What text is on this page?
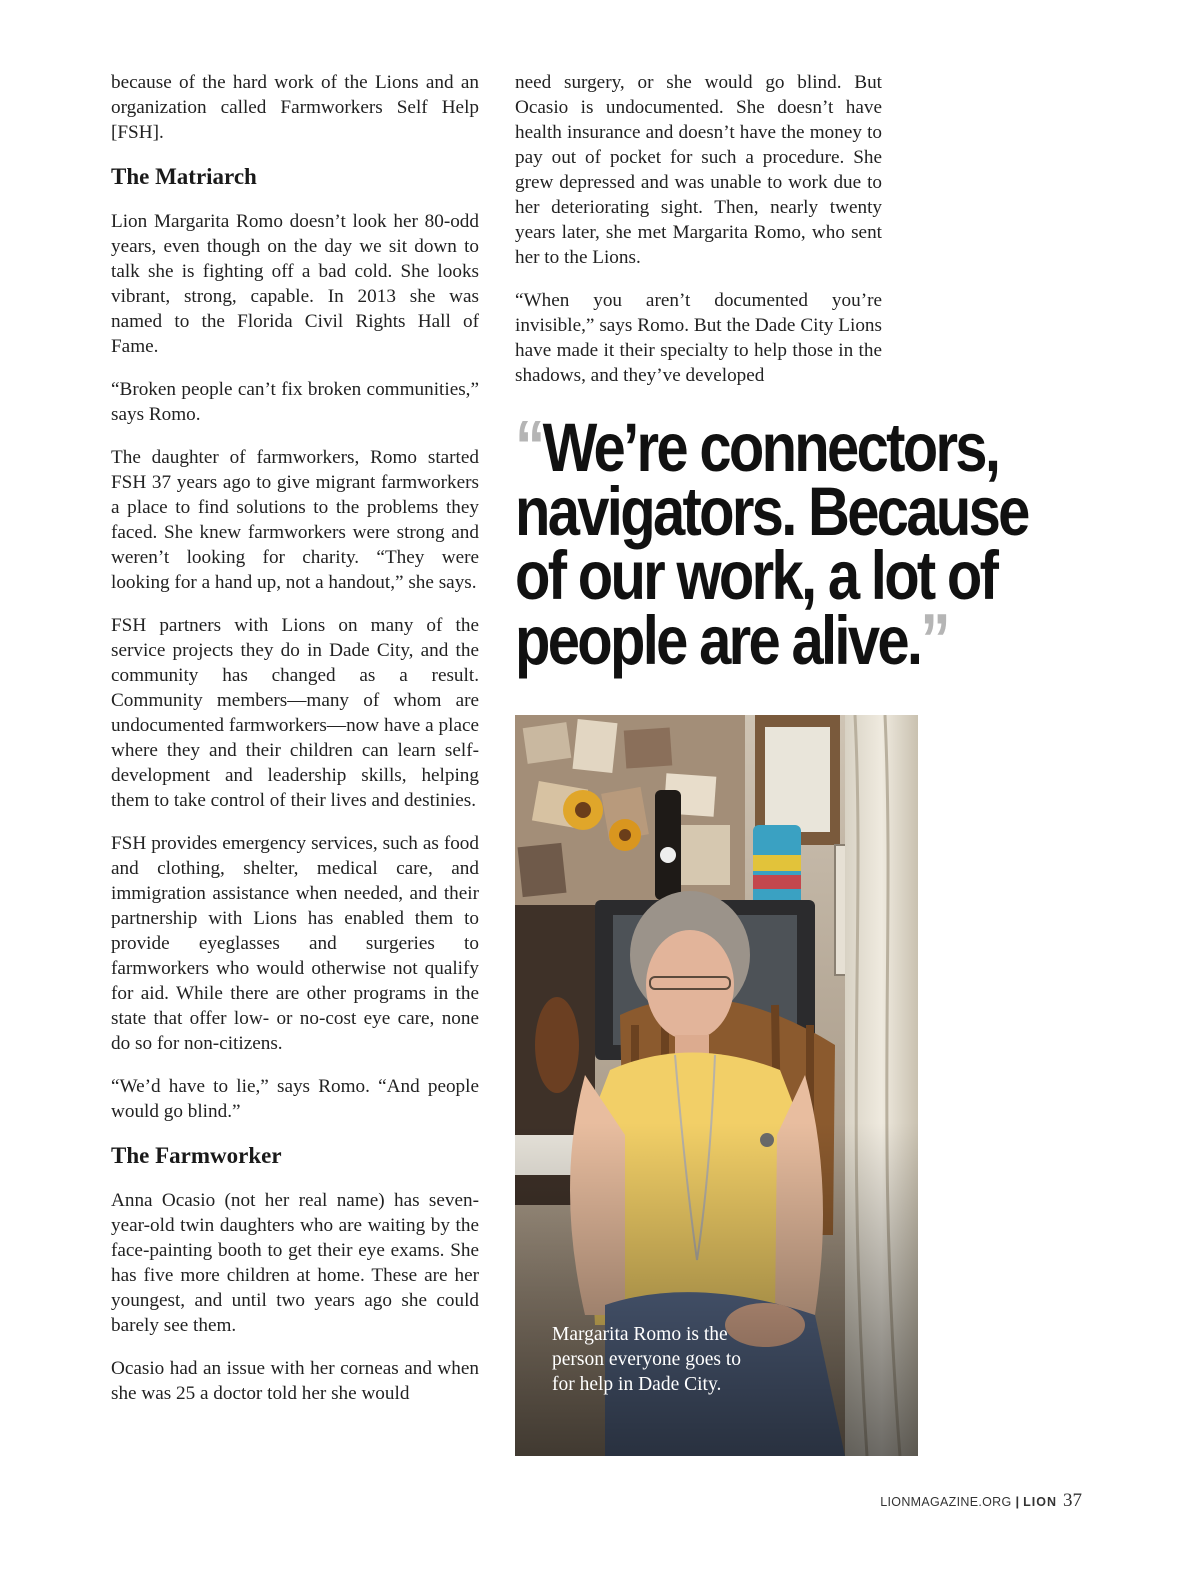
because of the hard work of the Lions and an organization called Farmworkers Self Help [FSH].

The Matriarch

Lion Margarita Romo doesn’t look her 80-odd years, even though on the day we sit down to talk she is fighting off a bad cold. She looks vibrant, strong, capable. In 2013 she was named to the Florida Civil Rights Hall of Fame.

“Broken people can’t fix broken communities,” says Romo.

The daughter of farmworkers, Romo started FSH 37 years ago to give migrant farmworkers a place to find solutions to the problems they faced. She knew farmworkers were strong and weren’t looking for charity. “They were looking for a hand up, not a handout,” she says.

FSH partners with Lions on many of the service projects they do in Dade City, and the community has changed as a result. Community members—many of whom are undocumented farmworkers—now have a place where they and their children can learn self-development and leadership skills, helping them to take control of their lives and destinies.

FSH provides emergency services, such as food and clothing, shelter, medical care, and immigration assistance when needed, and their partnership with Lions has enabled them to provide eyeglasses and surgeries to farmworkers who would otherwise not qualify for aid. While there are other programs in the state that offer low- or no-cost eye care, none do so for non-citizens.

“We’d have to lie,” says Romo. “And people would go blind.”

The Farmworker

Anna Ocasio (not her real name) has seven-year-old twin daughters who are waiting by the face-painting booth to get their eye exams. She has five more children at home. These are her youngest, and until two years ago she could barely see them.

Ocasio had an issue with her corneas and when she was 25 a doctor told her she would

need surgery, or she would go blind. But Ocasio is undocumented. She doesn’t have health insurance and doesn’t have the money to pay out of pocket for such a procedure. She grew depressed and was unable to work due to her deteriorating sight. Then, nearly twenty years later, she met Margarita Romo, who sent her to the Lions.

“When you aren’t documented you’re invisible,” says Romo. But the Dade City Lions have made it their specialty to help those in the shadows, and they’ve developed

“We’re connectors,
navigators. Because
of our work, a lot of
people are alive.”
Margarita Romo is the person everyone goes to for help in Dade City.
LIONMAGAZINE.ORG | LION 37
